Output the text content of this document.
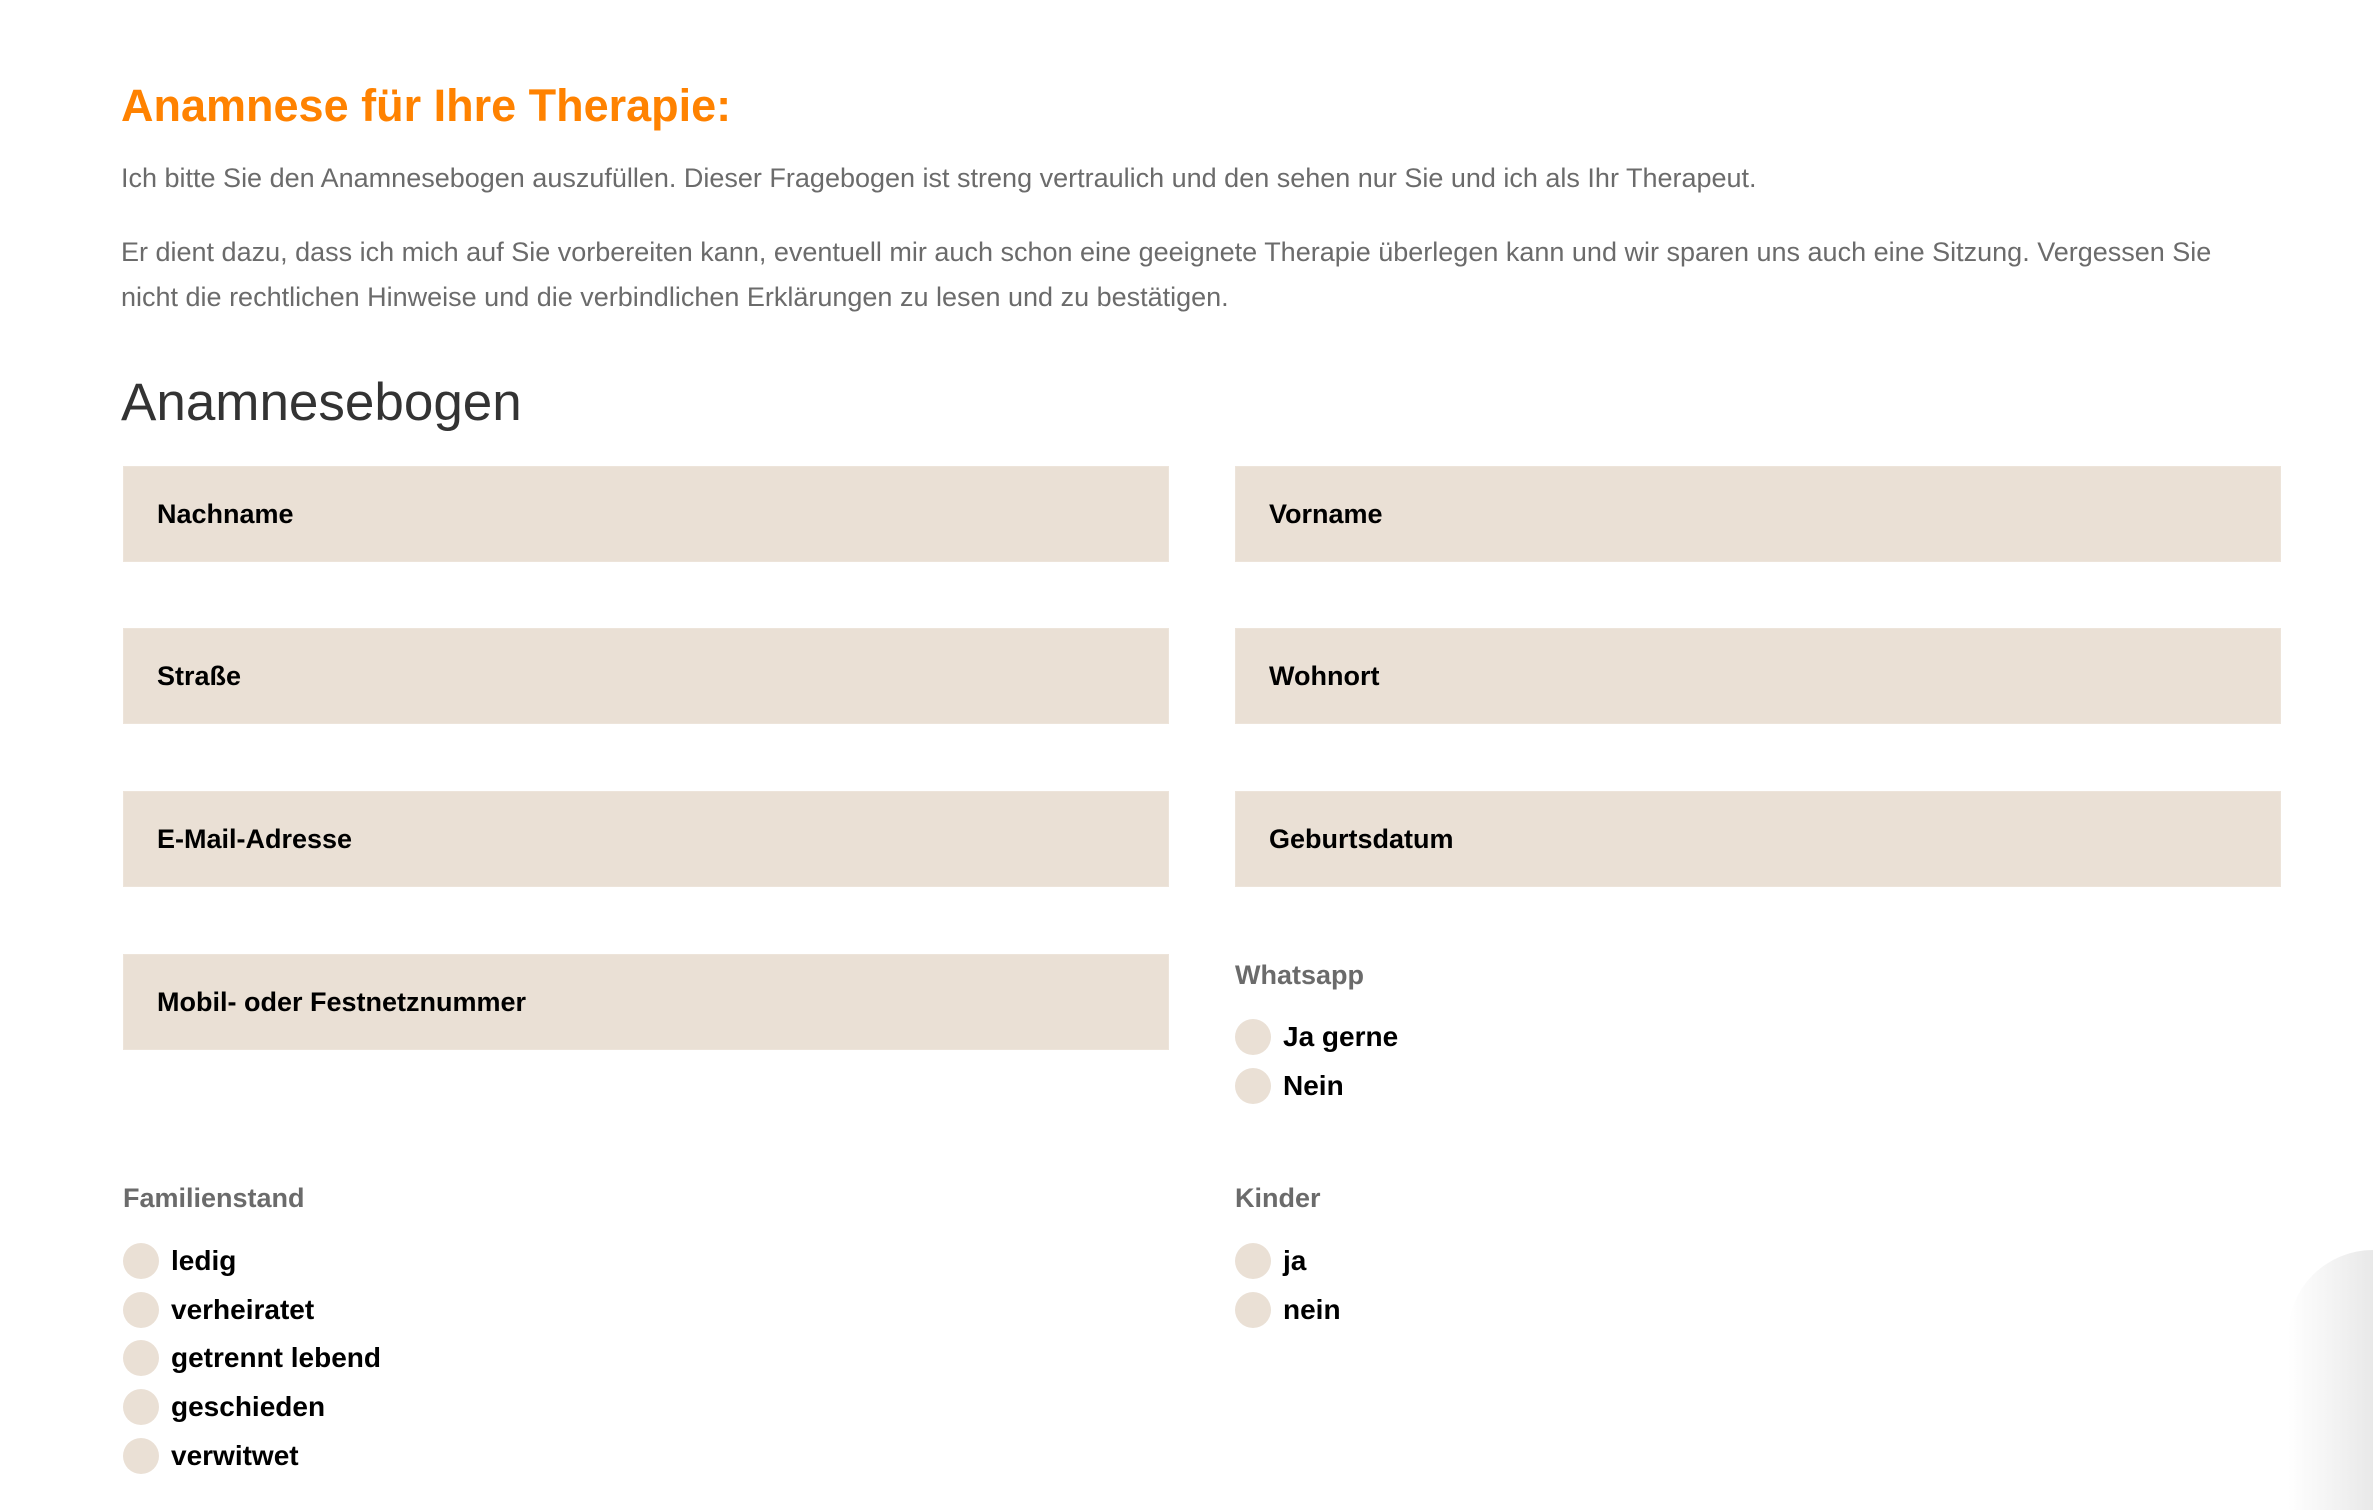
Anamnese für Ihre Therapie:

Ich bitte Sie den Anamnesebogen auszufüllen. Dieser Fragebogen ist streng vertraulich und den sehen nur Sie und ich als Ihr Therapeut.

Er dient dazu, dass ich mich auf Sie vorbereiten kann, eventuell mir auch schon eine geeignete Therapie überlegen kann und wir sparen uns auch eine Sitzung. Vergessen Sie nicht die rechtlichen Hinweise und die verbindlichen Erklärungen zu lesen und zu bestätigen.

Anamnesebogen
Nachname	Vorname
Straße	Wohnort
E-Mail-Adresse	Geburtsdatum
Mobil- oder Festnetznummer
Whatsapp
Ja gerne
Nein
Familienstand
ledig
verheiratet
getrennt lebend
geschieden
verwitwet
Kinder
ja
nein
